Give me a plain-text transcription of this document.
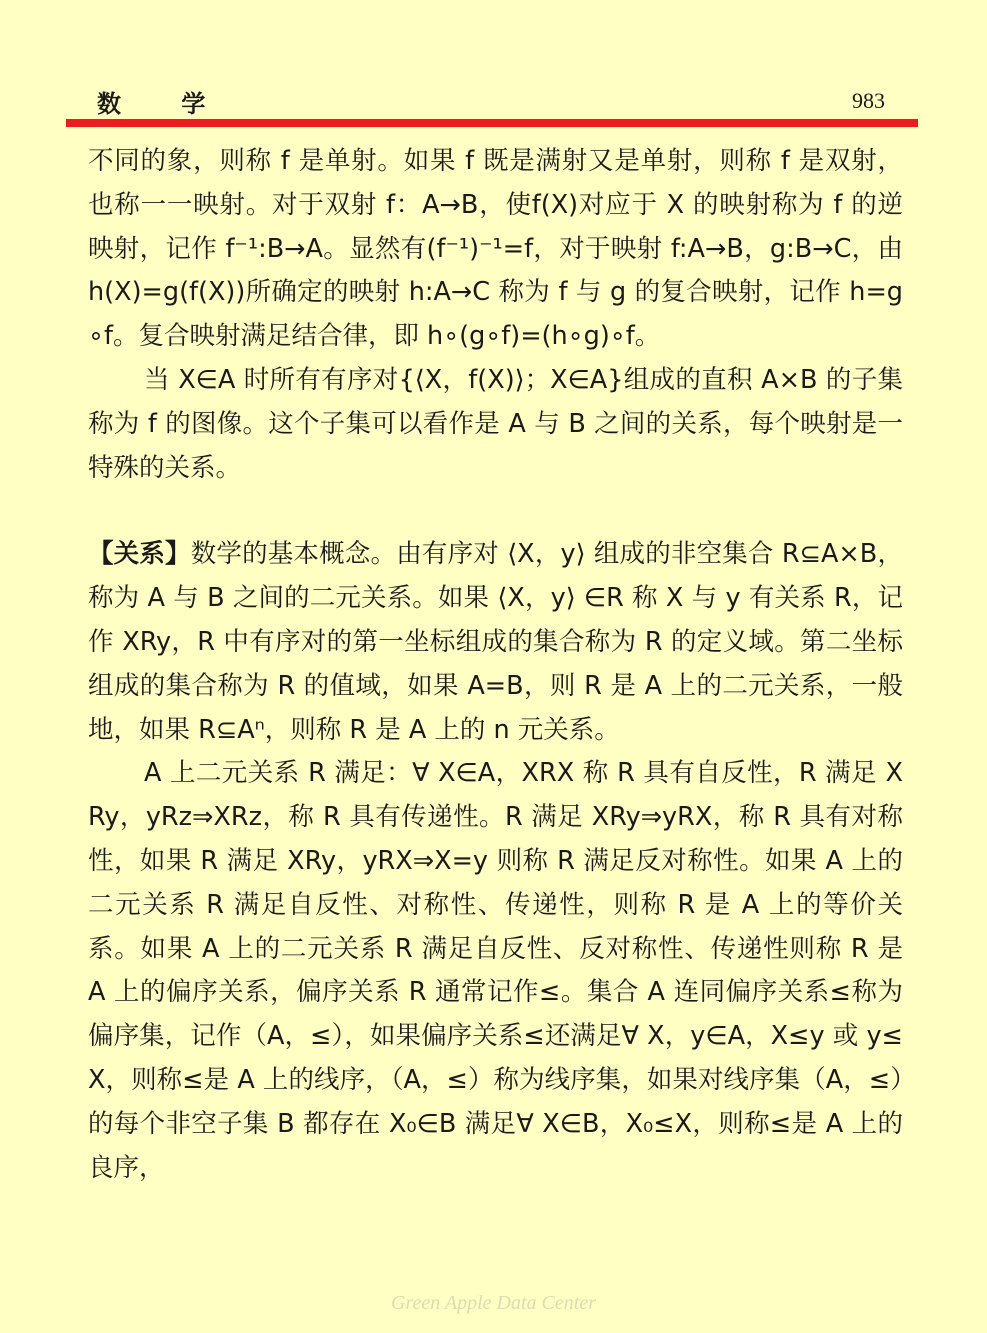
数 学	983

不同的象，则称 f 是单射。如果 f 既是满射又是单射，则称 f 是双射，也称一一映射。对于双射 f：A→B，使f(X)对应于 X 的映射称为 f 的逆映射，记作 f⁻¹:B→A。显然有(f⁻¹)⁻¹=f，对于映射 f:A→B，g:B→C，由 h(X)=g(f(X))所确定的映射 h:A→C 称为 f 与 g 的复合映射，记作 h=g∘f。复合映射满足结合律，即 h∘(g∘f)=(h∘g)∘f。

当 X∈A 时所有有序对{⟨X，f(X)⟩；X∈A}组成的直积 A×B 的子集称为 f 的图像。这个子集可以看作是 A 与 B 之间的关系，每个映射是一特殊的关系。

【关系】数学的基本概念。由有序对 ⟨X，y⟩ 组成的非空集合 R⊆A×B，称为 A 与 B 之间的二元关系。如果 ⟨X，y⟩ ∈R 称 X 与 y 有关系 R，记作 XRy，R 中有序对的第一坐标组成的集合称为 R 的定义域。第二坐标组成的集合称为 R 的值域，如果 A=B，则 R 是 A 上的二元关系，一般地，如果 R⊆Aⁿ，则称 R 是 A 上的 n 元关系。

A 上二元关系 R 满足：∀ X∈A，XRX 称 R 具有自反性，R 满足 XRy，yRz⇒XRz，称 R 具有传递性。R 满足 XRy⇒yRX，称 R 具有对称性，如果 R 满足 XRy，yRX⇒X=y 则称 R 满足反对称性。如果 A 上的二元关系 R 满足自反性、对称性、传递性，则称 R 是 A 上的等价关系。如果 A 上的二元关系 R 满足自反性、反对称性、传递性则称 R 是 A 上的偏序关系，偏序关系 R 通常记作≤。集合 A 连同偏序关系≤称为偏序集，记作（A，≤），如果偏序关系≤还满足∀ X，y∈A，X≤y 或 y≤X，则称≤是 A 上的线序，（A，≤）称为线序集，如果对线序集（A，≤）的每个非空子集 B 都存在 X₀∈B 满足∀ X∈B，X₀≤X，则称≤是 A 上的良序，

Green Apple Data Center
